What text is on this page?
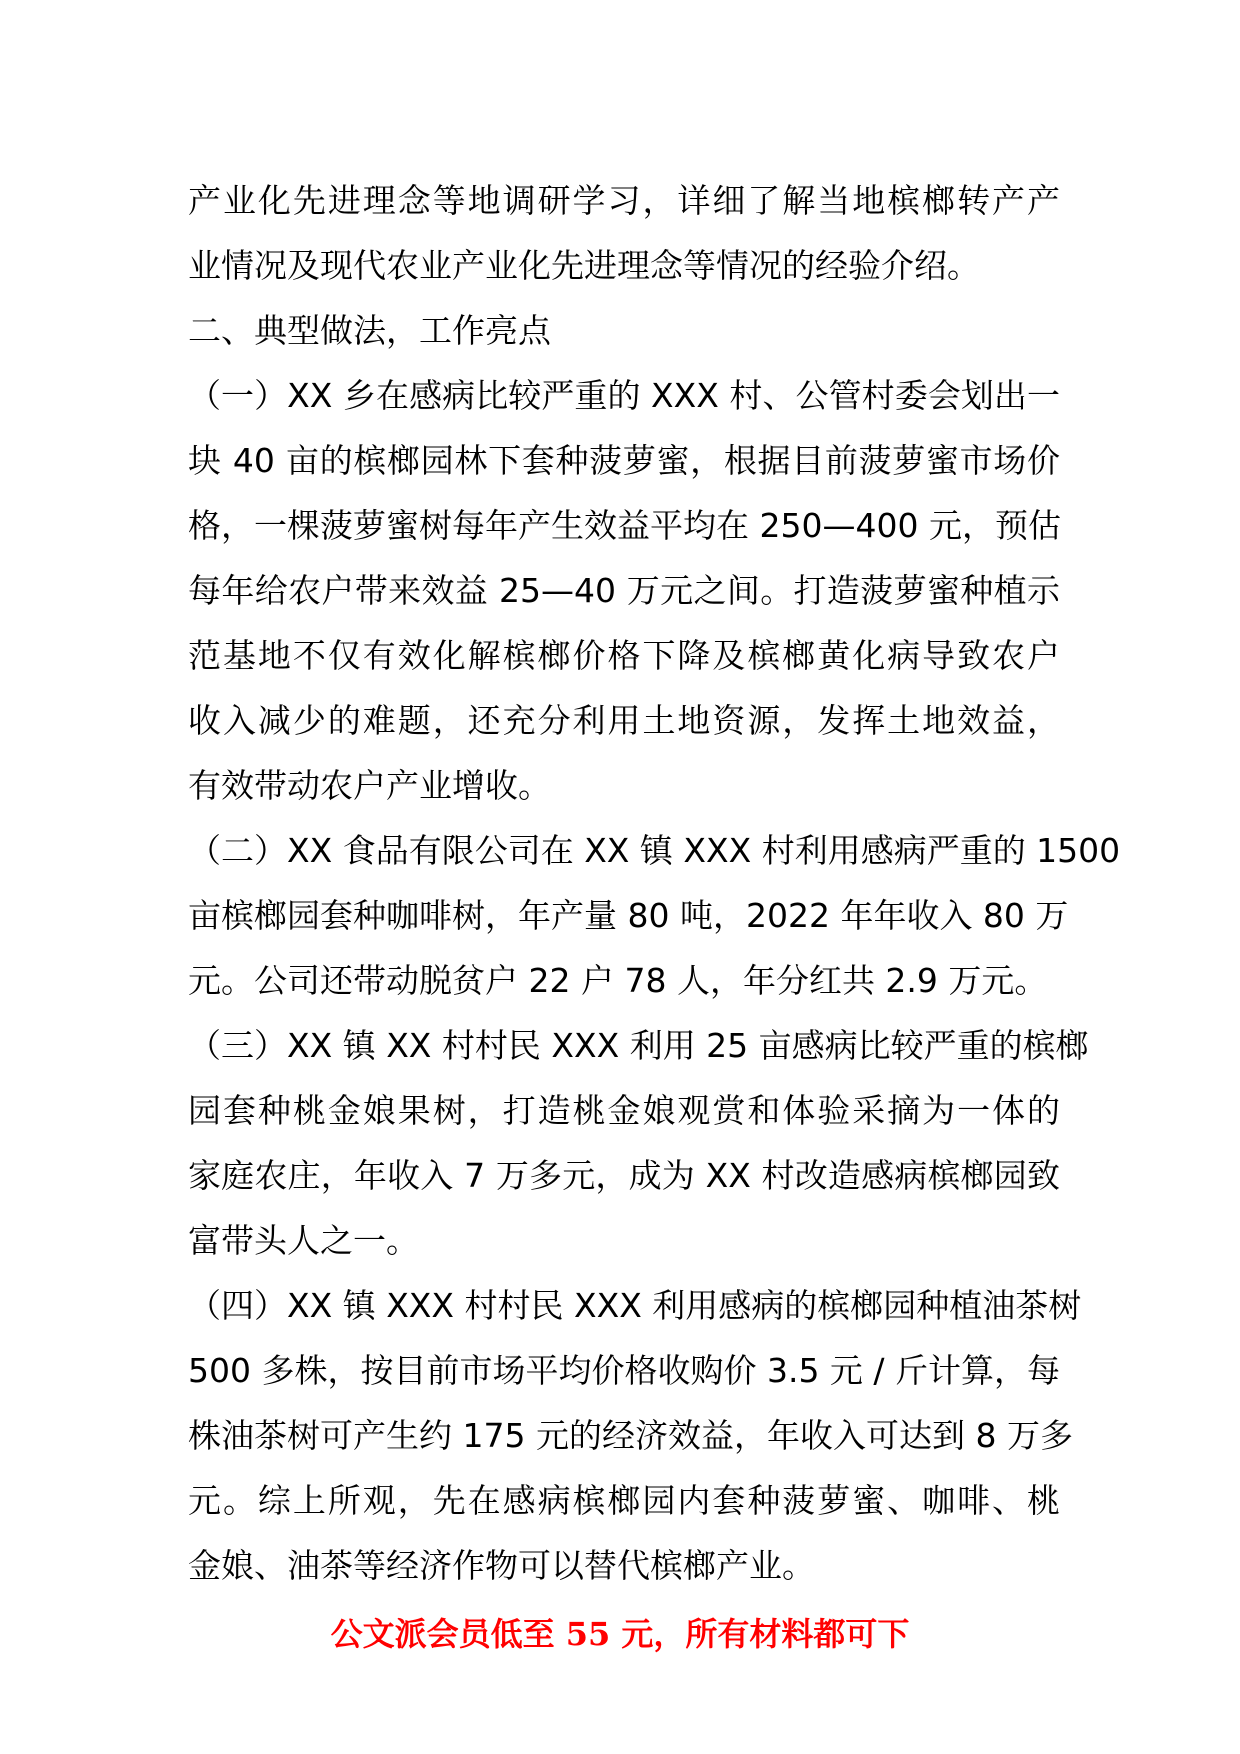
产业化先进理念等地调研学习，详细了解当地槟榔转产产
业情况及现代农业产业化先进理念等情况的经验介绍。
二、典型做法，工作亮点
（一）XX 乡在感病比较严重的 XXX 村、公管村委会划出一
块 40 亩的槟榔园林下套种菠萝蜜，根据目前菠萝蜜市场价
格，一棵菠萝蜜树每年产生效益平均在 250—400 元，预估
每年给农户带来效益 25—40 万元之间。打造菠萝蜜种植示
范基地不仅有效化解槟榔价格下降及槟榔黄化病导致农户
收入减少的难题，还充分利用土地资源，发挥土地效益，
有效带动农户产业增收。
（二）XX 食品有限公司在 XX 镇 XXX 村利用感病严重的 1500
亩槟榔园套种咖啡树，年产量 80 吨，2022 年年收入 80 万
元。公司还带动脱贫户 22 户 78 人，年分红共 2.9 万元。
（三）XX 镇 XX 村村民 XXX 利用 25 亩感病比较严重的槟榔
园套种桃金娘果树，打造桃金娘观赏和体验采摘为一体的
家庭农庄，年收入 7 万多元，成为 XX 村改造感病槟榔园致
富带头人之一。
（四）XX 镇 XXX 村村民 XXX 利用感病的槟榔园种植油茶树
500 多株，按目前市场平均价格收购价 3.5 元 / 斤计算，每
株油茶树可产生约 175 元的经济效益，年收入可达到 8 万多
元。综上所观，先在感病槟榔园内套种菠萝蜜、咖啡、桃
金娘、油茶等经济作物可以替代槟榔产业。
公文派会员低至 55 元，所有材料都可下
